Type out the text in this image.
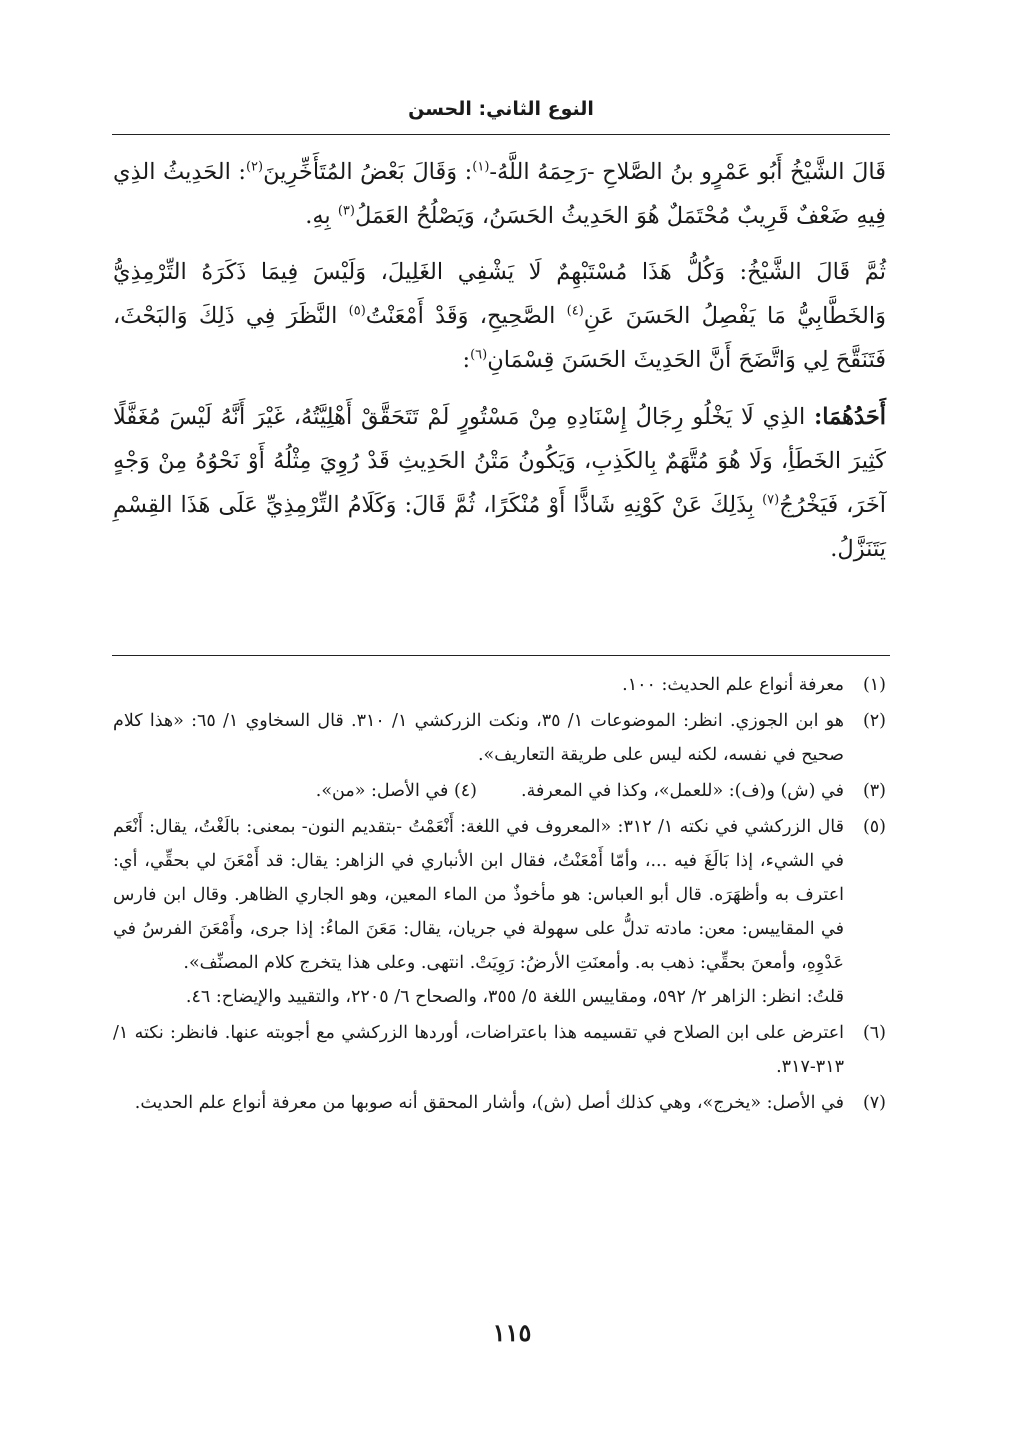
النوع الثاني: الحسن

قَالَ الشَّيْخُ أَبُو عَمْرٍو بنُ الصَّلاحِ -رَحِمَهُ اللَّهُ-$^{(١)}$: وَقَالَ بَعْضُ المُتَأَخِّرِينَ$^{(٢)}$: الحَدِيثُ الذِي فِيهِ ضَعْفٌ قَرِيبٌ مُحْتَمَلٌ هُوَ الحَدِيثُ الحَسَنُ، وَيَصْلُحُ العَمَلُ$^{(٣)}$ بِهِ.

ثُمَّ قَالَ الشَّيْخُ: وَكُلُّ هَذَا مُسْتَبْهِمٌ لَا يَشْفِي الغَلِيلَ، وَلَيْسَ فِيمَا ذَكَرَهُ التِّرْمِذِيُّ وَالخَطَّابِيُّ مَا يَفْصِلُ الحَسَنَ عَنِ$^{(٤)}$ الصَّحِيحِ، وَقَدْ أَمْعَنْتُ$^{(٥)}$ النَّظَرَ فِي ذَلِكَ وَالبَحْثَ، فَتَنَقَّحَ لِي وَاتَّضَحَ أَنَّ الحَدِيثَ الحَسَنَ قِسْمَانِ$^{(٦)}$:

أَحَدُهُمَا: الذِي لَا يَخْلُو رِجَالُ إِسْنَادِهِ مِنْ مَسْتُورٍ لَمْ تَتَحَقَّقْ أَهْلِيَّتُهُ، غَيْرَ أَنَّهُ لَيْسَ مُغَفَّلًا كَثِيرَ الخَطَأِ، وَلَا هُوَ مُتَّهَمٌ بِالكَذِبِ، وَيَكُونُ مَتْنُ الحَدِيثِ قَدْ رُوِيَ مِثْلُهُ أَوْ نَحْوُهُ مِنْ وَجْهٍ آخَرَ، فَيَخْرُجُ$^{(٧)}$ بِذَلِكَ عَنْ كَوْنِهِ شَاذًّا أَوْ مُنْكَرًا، ثُمَّ قَالَ: وَكَلَامُ التِّرْمِذِيِّ عَلَى هَذَا القِسْمِ يَتَنَزَّلُ.

(١)
معرفة أنواع علم الحديث: ١٠٠.
(٢)
هو ابن الجوزي. انظر: الموضوعات ١/ ٣٥، ونكت الزركشي ١/ ٣١٠. قال السخاوي ١/ ٦٥: «هذا كلام صحيح في نفسه، لكنه ليس على طريقة التعاريف».
(٣)
في (ش) و(ف): «للعمل»، وكذا في المعرفة.(٤) في الأصل: «من».
(٥)
قال الزركشي في نكته ١/ ٣١٢: «المعروف في اللغة: أَنْعَمْتُ -بتقديم النون- بمعنى: بالَغْتُ، يقال: أَنْعَم في الشيء، إذا بَالَغَ فيه ...، وأمّا أَمْعَنْتُ، فقال ابن الأنباري في الزاهر: يقال: قد أَمْعَنَ لي بحقِّي، أي: اعترف به وأظهَرَه. قال أبو العباس: هو مأخوذٌ من الماء المعين، وهو الجاري الظاهر. وقال ابن فارس في المقاييس: معن: مادته تدلُّ على سهولة في جريان، يقال: مَعَنَ الماءُ: إذا جرى، وأَمْعَنَ الفرسُ في عَدْوِهِ، وأمعنَ بحقِّي: ذهب به. وأمعنَتِ الأرضُ: رَوِيَتْ. انتهى. وعلى هذا يتخرج كلام المصنِّف».
قلتُ: انظر: الزاهر ٢/ ٥٩٢، ومقاييس اللغة ٥/ ٣٥٥، والصحاح ٦/ ٢٢٠٥، والتقييد والإيضاح: ٤٦.
(٦)
اعترض على ابن الصلاح في تقسيمه هذا باعتراضات، أوردها الزركشي مع أجوبته عنها. فانظر: نكته ١/ ٣١٣-٣١٧.
(٧)
في الأصل: «يخرج»، وهي كذلك أصل (ش)، وأشار المحقق أنه صوبها من معرفة أنواع علم الحديث.
١١٥
